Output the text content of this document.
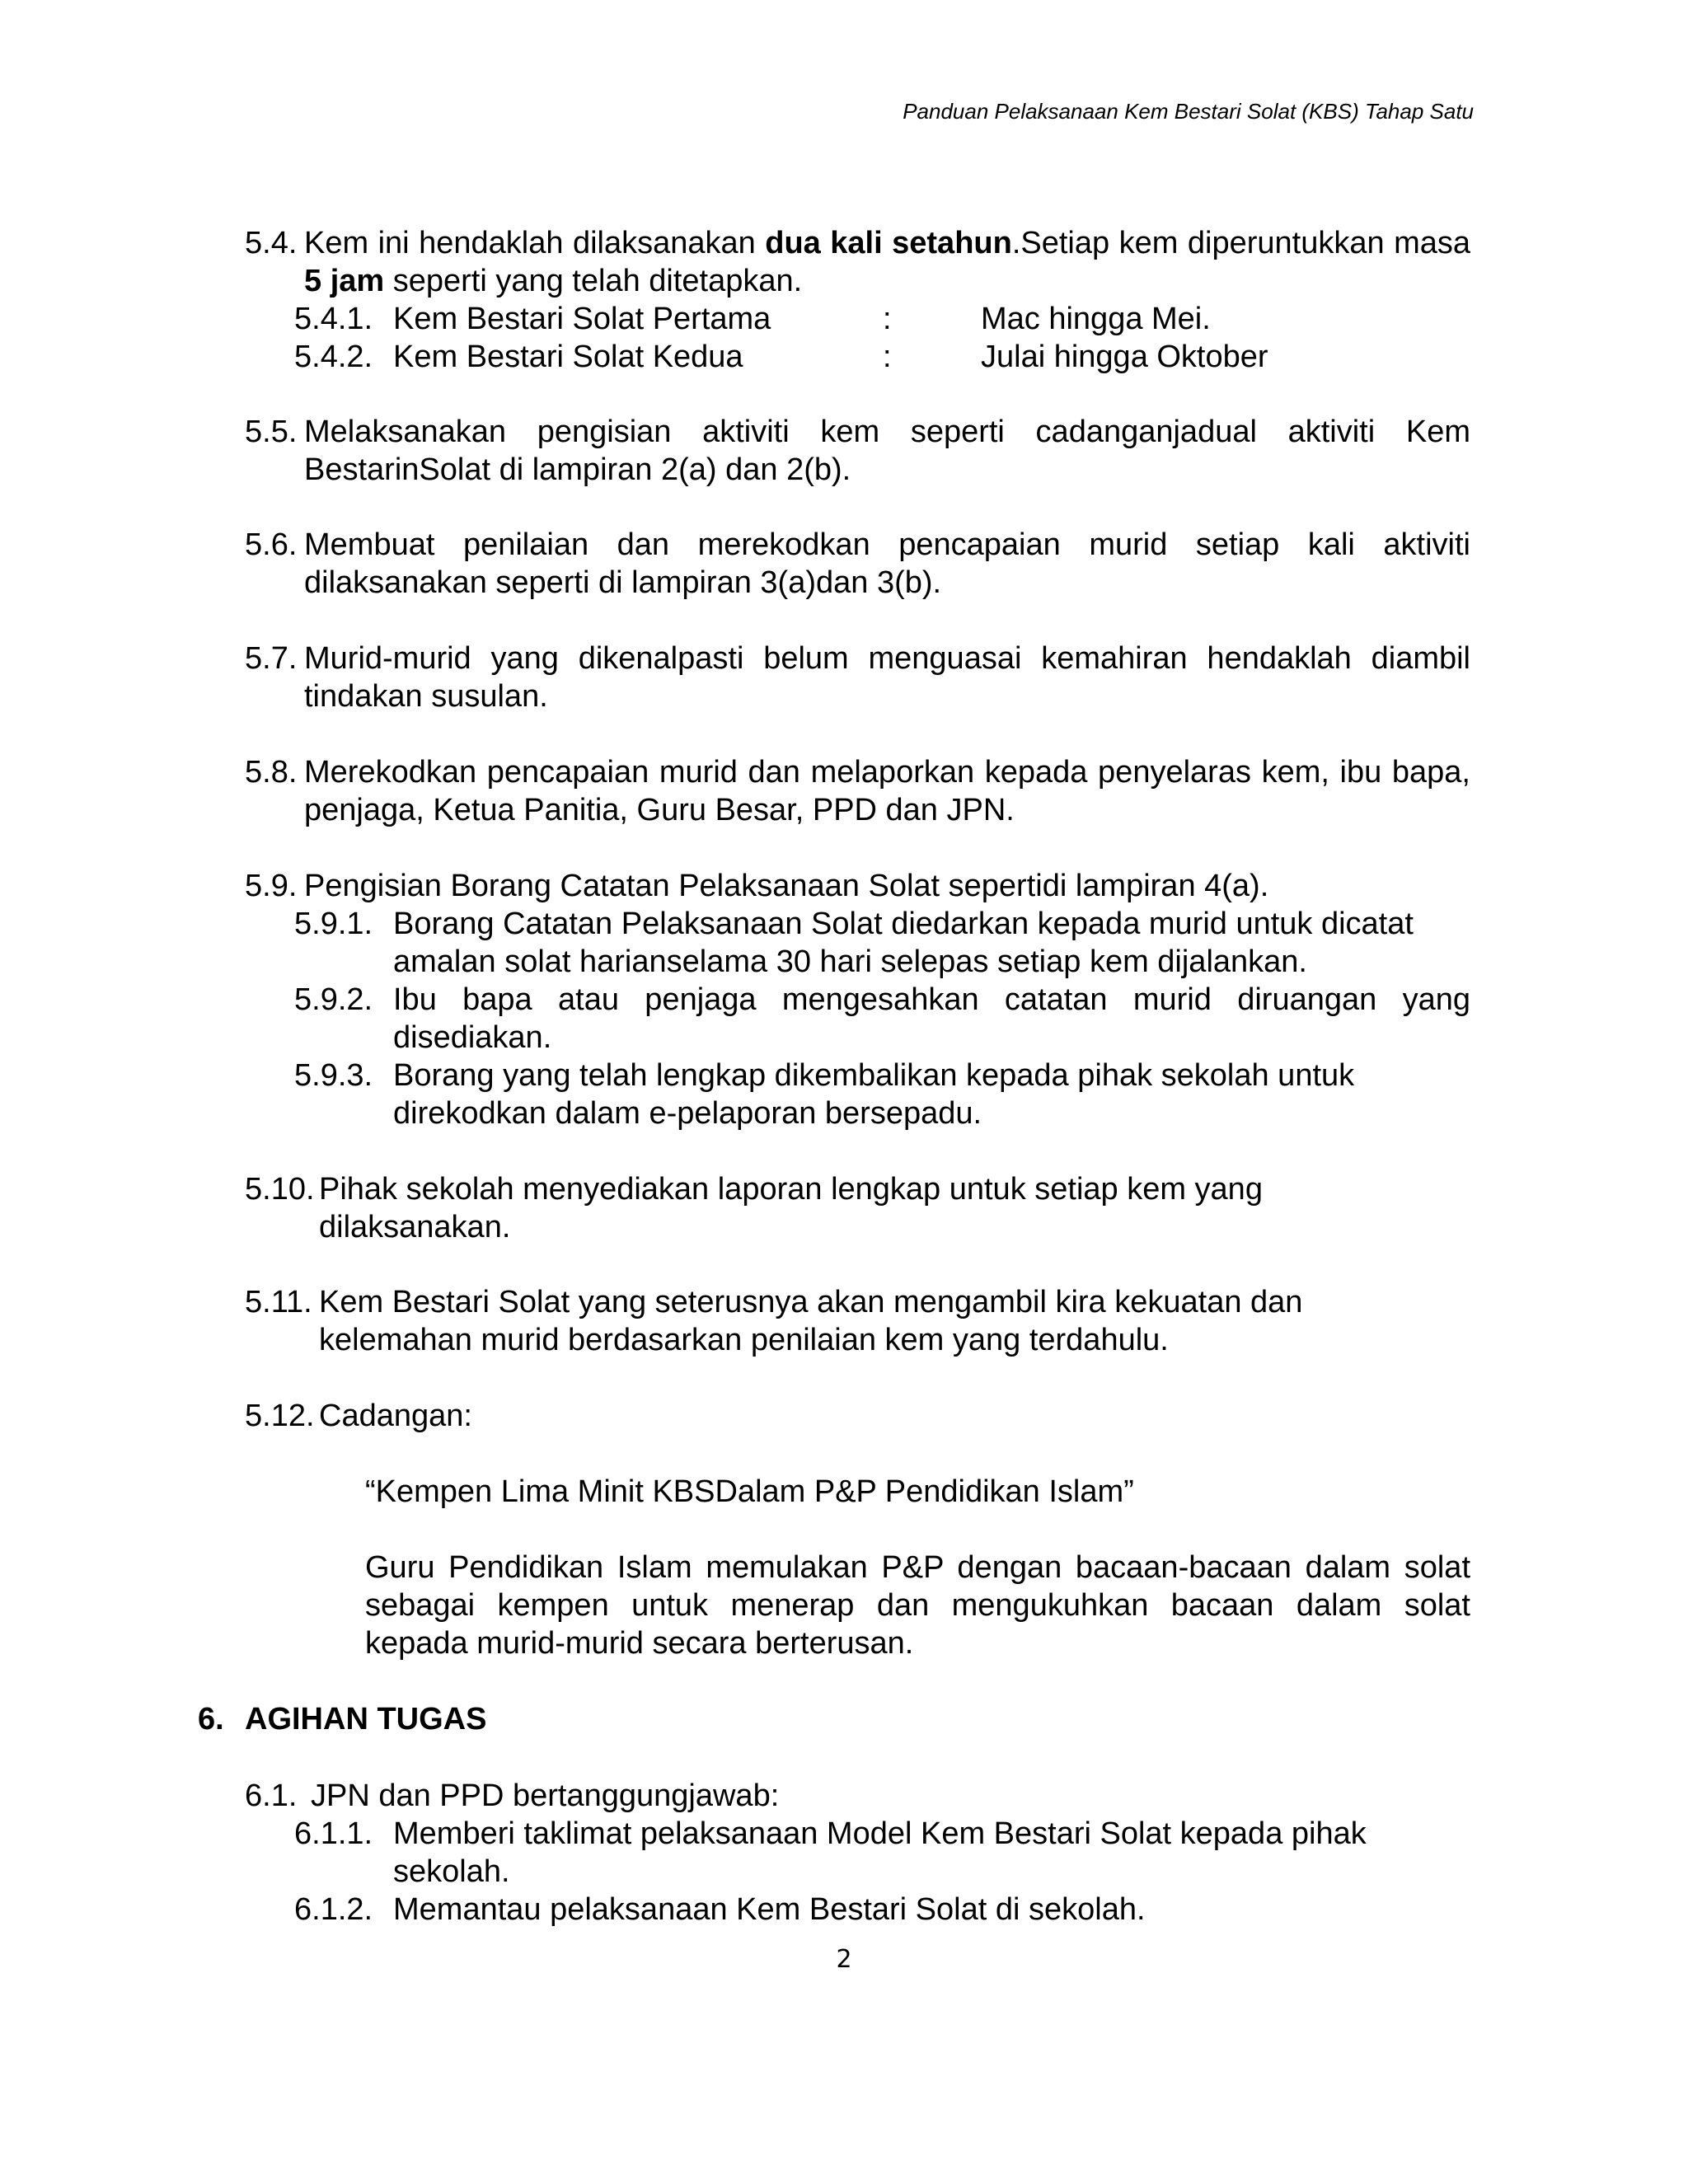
Panduan Pelaksanaan Kem Bestari Solat (KBS) Tahap Satu
5.4. Kem ini hendaklah dilaksanakan dua kali setahun.Setiap kem diperuntukkan masa 5 jam seperti yang telah ditetapkan.
5.4.1. Kem Bestari Solat Pertama	:	Mac hingga Mei.
5.4.2. Kem Bestari Solat Kedua	:	Julai hingga Oktober
5.5. Melaksanakan pengisian aktiviti kem seperti cadanganjadual aktiviti Kem BestarinSolat di lampiran 2(a) dan 2(b).
5.6. Membuat penilaian dan merekodkan pencapaian murid setiap kali aktiviti dilaksanakan seperti di lampiran 3(a)dan 3(b).
5.7. Murid-murid yang dikenalpasti belum menguasai kemahiran hendaklah diambil tindakan susulan.
5.8. Merekodkan pencapaian murid dan melaporkan kepada penyelaras kem, ibu bapa, penjaga, Ketua Panitia, Guru Besar, PPD dan JPN.
5.9. Pengisian Borang Catatan Pelaksanaan Solat sepertidi lampiran 4(a).
5.9.1. Borang Catatan Pelaksanaan Solat diedarkan kepada murid untuk dicatat amalan solat harianselama 30 hari selepas setiap kem dijalankan.
5.9.2. Ibu bapa atau penjaga mengesahkan catatan murid diruangan yang disediakan.
5.9.3. Borang yang telah lengkap dikembalikan kepada pihak sekolah untuk direkodkan dalam e-pelaporan bersepadu.
5.10. Pihak sekolah menyediakan laporan lengkap untuk setiap kem yang dilaksanakan.
5.11. Kem Bestari Solat yang seterusnya akan mengambil kira kekuatan dan kelemahan murid berdasarkan penilaian kem yang terdahulu.
5.12. Cadangan:
“Kempen Lima Minit KBSDalam P&P Pendidikan Islam”
Guru Pendidikan Islam memulakan P&P dengan bacaan-bacaan dalam solat sebagai kempen untuk menerap dan mengukuhkan bacaan dalam solat kepada murid-murid secara berterusan.
6. AGIHAN TUGAS
6.1. JPN dan PPD bertanggungjawab:
6.1.1. Memberi taklimat pelaksanaan Model Kem Bestari Solat kepada pihak sekolah.
6.1.2. Memantau pelaksanaan Kem Bestari Solat di sekolah.
2
